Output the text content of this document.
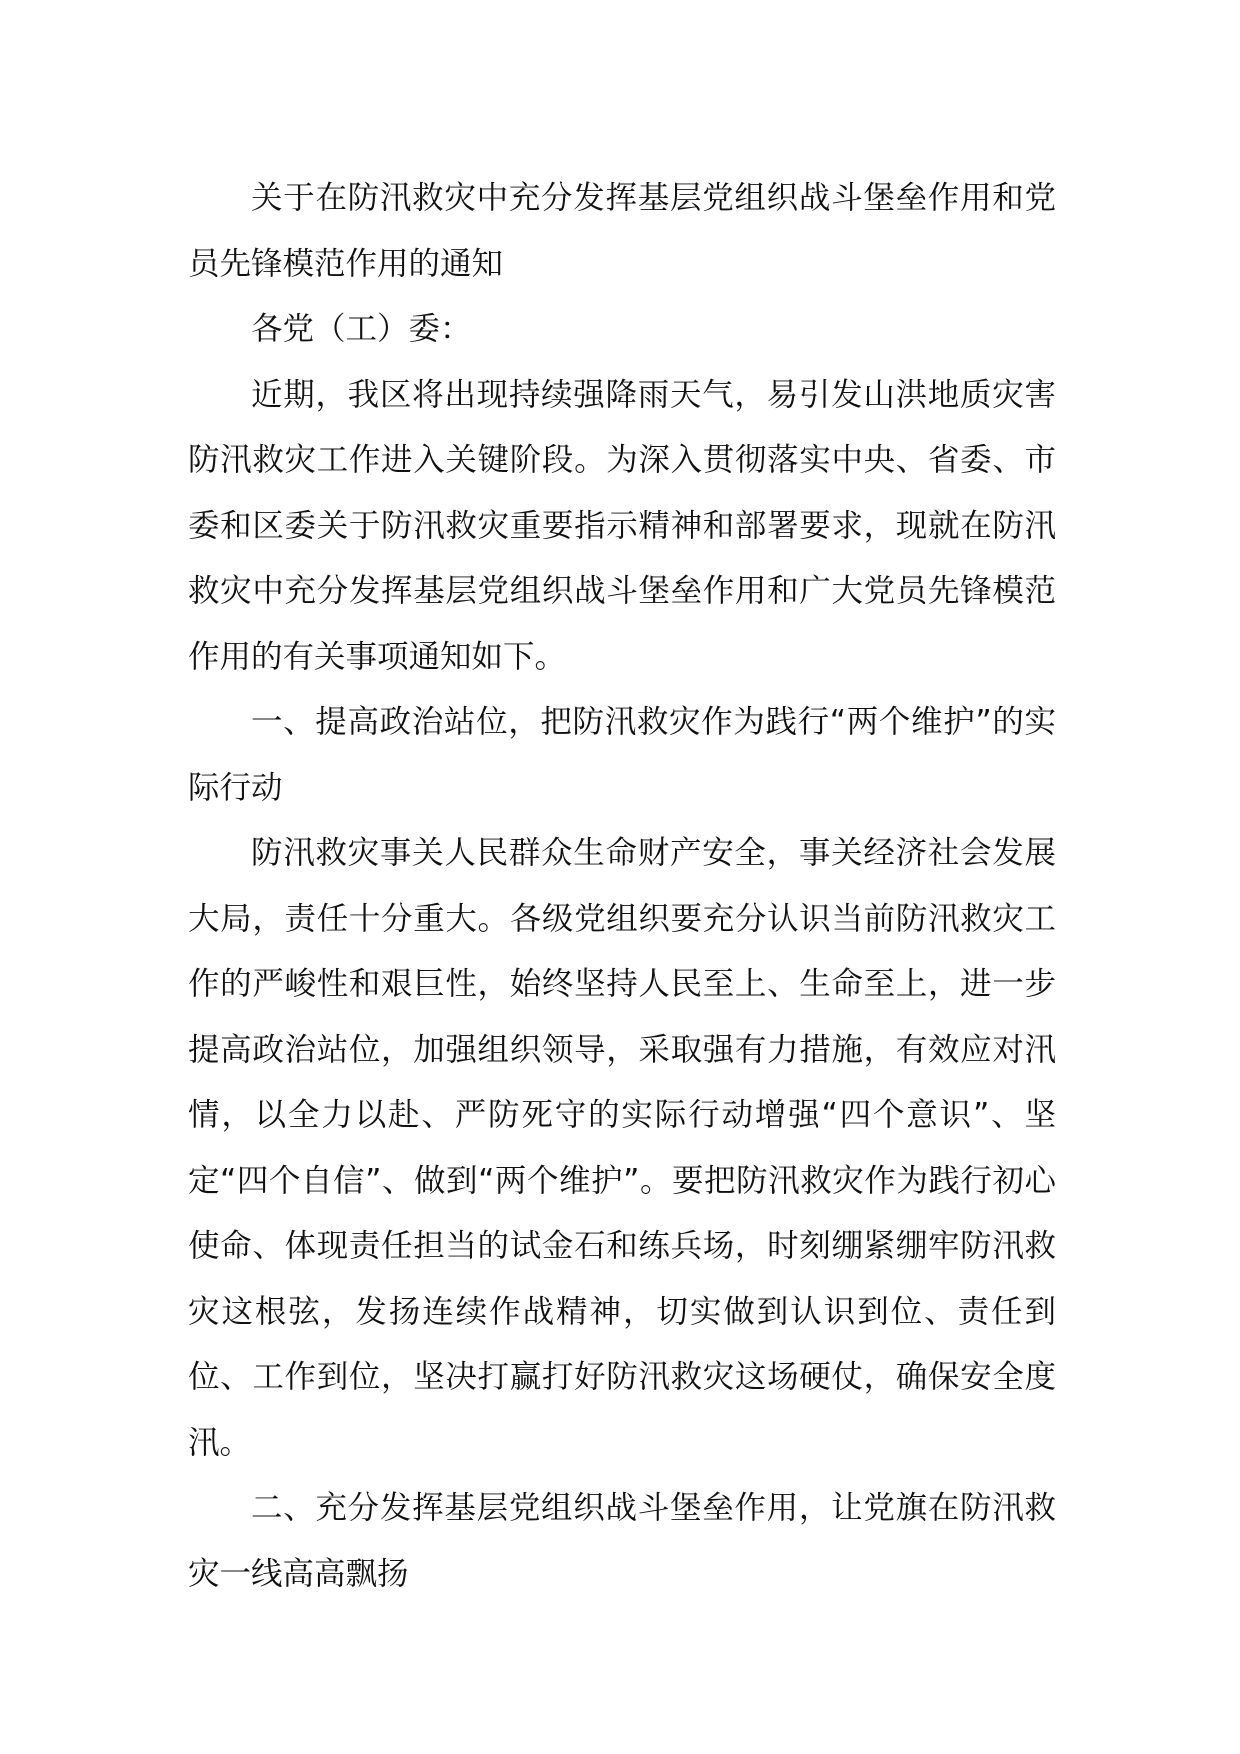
关于在防汛救灾中充分发挥基层党组织战斗堡垒作用和党员先锋模范作用的通知

各党（工）委：

近期，我区将出现持续强降雨天气，易引发山洪地质灾害防汛救灾工作进入关键阶段。为深入贯彻落实中央、省委、市委和区委关于防汛救灾重要指示精神和部署要求，现就在防汛救灾中充分发挥基层党组织战斗堡垒作用和广大党员先锋模范作用的有关事项通知如下。

一、提高政治站位，把防汛救灾作为践行“两个维护”的实际行动

防汛救灾事关人民群众生命财产安全，事关经济社会发展大局，责任十分重大。各级党组织要充分认识当前防汛救灾工作的严峻性和艰巨性，始终坚持人民至上、生命至上，进一步提高政治站位，加强组织领导，采取强有力措施，有效应对汛情，以全力以赴、严防死守的实际行动增强“四个意识”、坚定“四个自信”、做到“两个维护”。要把防汛救灾作为践行初心使命、体现责任担当的试金石和练兵场，时刻绷紧绷牢防汛救灾这根弦，发扬连续作战精神，切实做到认识到位、责任到位、工作到位，坚决打赢打好防汛救灾这场硬仗，确保安全度汛。

二、充分发挥基层党组织战斗堡垒作用，让党旗在防汛救灾一线高高飘扬
